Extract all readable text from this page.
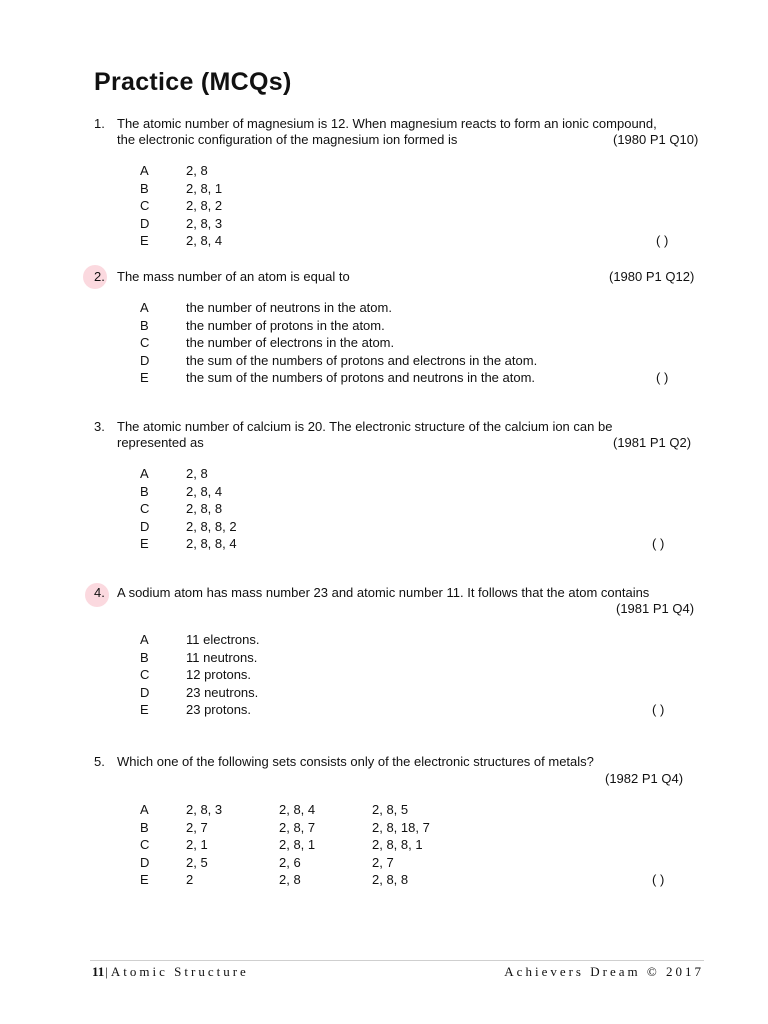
Practice (MCQs)
1. The atomic number of magnesium is 12. When magnesium reacts to form an ionic compound,
the electronic configuration of the magnesium ion formed is	(1980 P1 Q10)
A	2, 8
B	2, 8, 1
C	2, 8, 2
D	2, 8, 3
E	2, 8, 4	( )
2. The mass number of an atom is equal to	(1980 P1 Q12)
A	the number of neutrons in the atom.
B	the number of protons in the atom.
C	the number of electrons in the atom.
D	the sum of the numbers of protons and electrons in the atom.
E	the sum of the numbers of protons and neutrons in the atom.	( )
3. The atomic number of calcium is 20. The electronic structure of the calcium ion can be
represented as	(1981 P1 Q2)
A	2, 8
B	2, 8, 4
C	2, 8, 8
D	2, 8, 8, 2
E	2, 8, 8, 4	( )
4. A sodium atom has mass number 23 and atomic number 11. It follows that the atom contains
(1981 P1 Q4)
A	11 electrons.
B	11 neutrons.
C	12 protons.
D	23 neutrons.
E	23 protons.	( )
5. Which one of the following sets consists only of the electronic structures of metals?
(1982 P1 Q4)
A	2, 8, 3	2, 8, 4	2, 8, 5
B	2, 7	2, 8, 7	2, 8, 18, 7
C	2, 1	2, 8, 1	2, 8, 8, 1
D	2, 5	2, 6	2, 7
E	2	2, 8	2, 8, 8	( )
11| Atomic Structure	Achievers Dream © 2017
